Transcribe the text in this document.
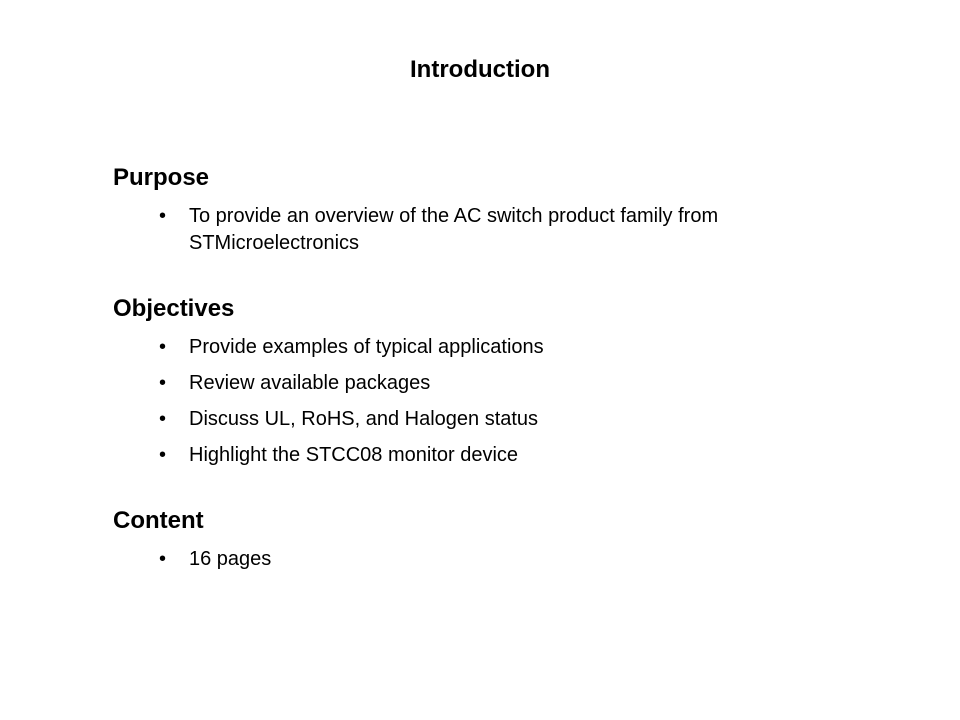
Introduction
Purpose
• To provide an overview of the AC switch product family from STMicroelectronics
Objectives
• Provide examples of typical applications
• Review available packages
• Discuss UL, RoHS, and Halogen status
• Highlight the STCC08 monitor device
Content
• 16 pages
